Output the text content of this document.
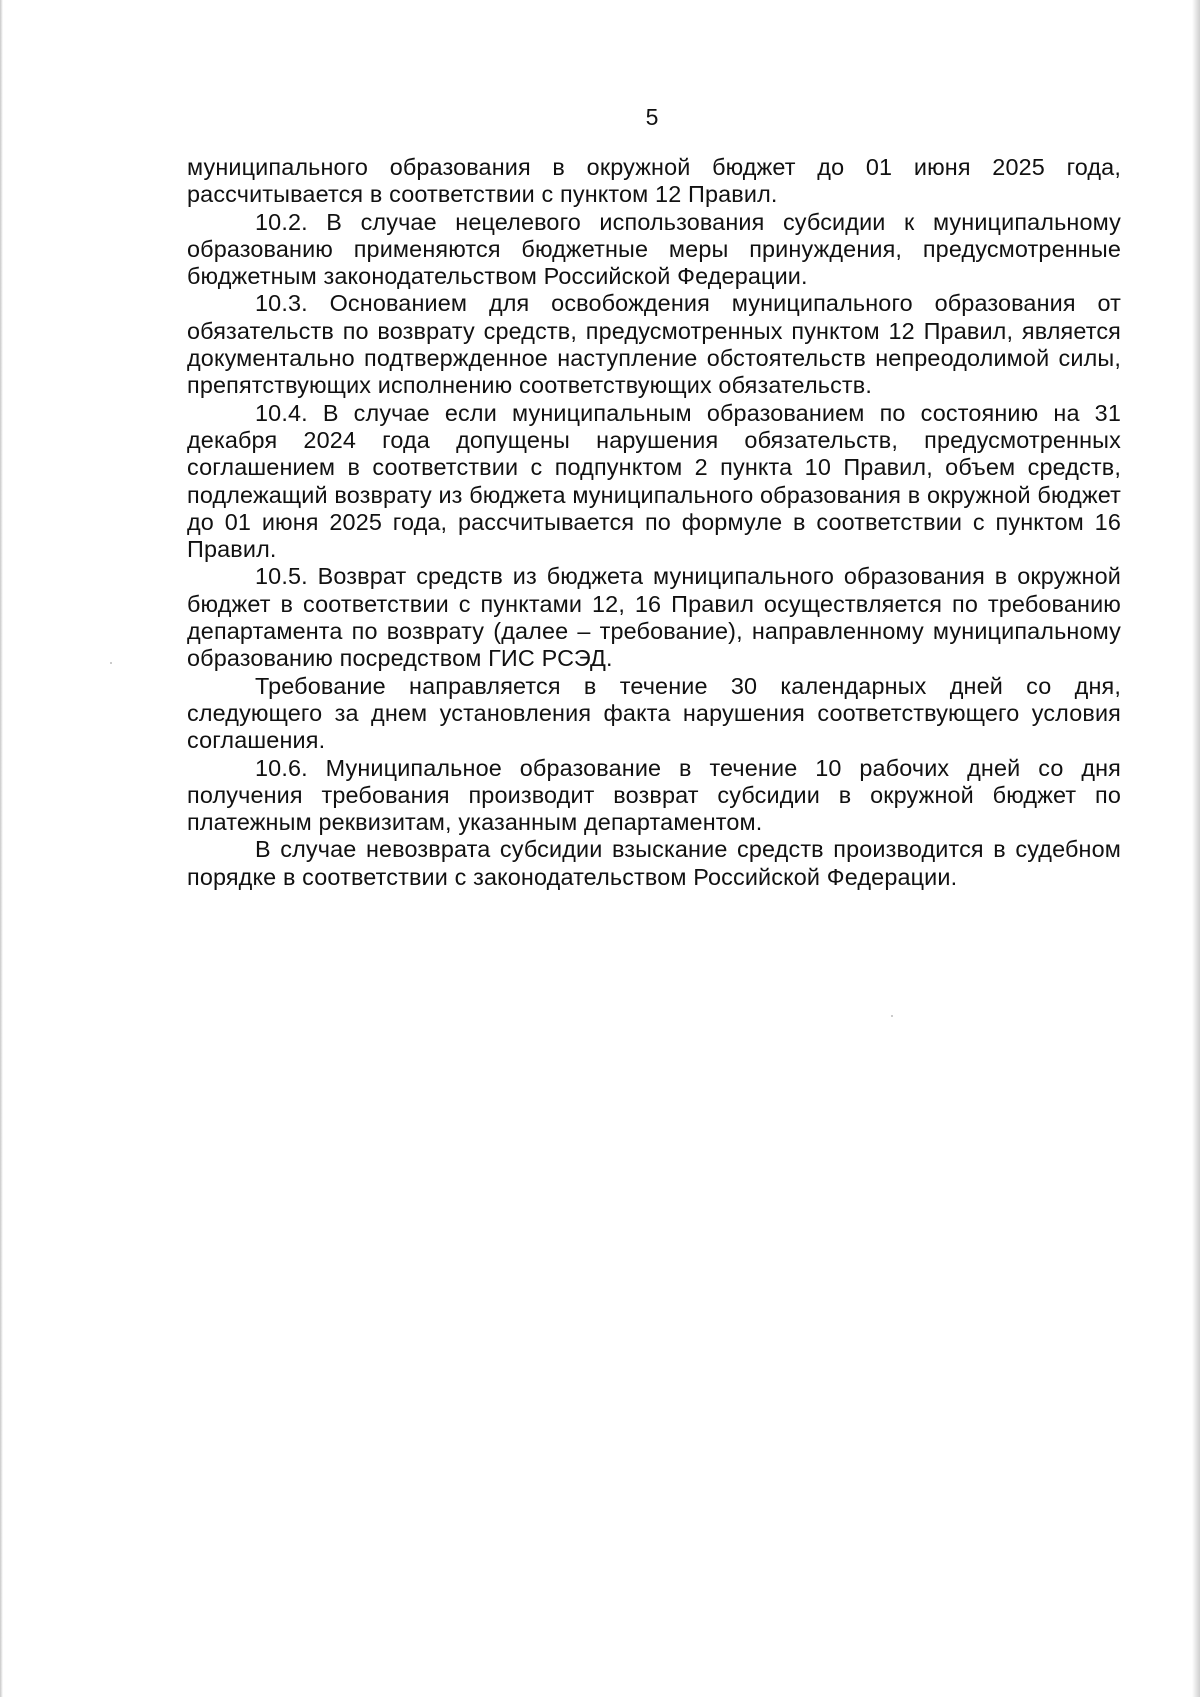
5

муниципального образования в окружной бюджет до 01 июня 2025 года, рассчитывается в соответствии с пунктом 12 Правил.

10.2. В случае нецелевого использования субсидии к муниципальному образованию применяются бюджетные меры принуждения, предусмотренные бюджетным законодательством Российской Федерации.

10.3. Основанием для освобождения муниципального образования от обязательств по возврату средств, предусмотренных пунктом 12 Правил, является документально подтвержденное наступление обстоятельств непреодолимой силы, препятствующих исполнению соответствующих обязательств.

10.4. В случае если муниципальным образованием по состоянию на 31 декабря 2024 года допущены нарушения обязательств, предусмотренных соглашением в соответствии с подпунктом 2 пункта 10 Правил, объем средств, подлежащий возврату из бюджета муниципального образования в окружной бюджет до 01 июня 2025 года, рассчитывается по формуле в соответствии с пунктом 16 Правил.

10.5. Возврат средств из бюджета муниципального образования в окружной бюджет в соответствии с пунктами 12, 16 Правил осуществляется по требованию департамента по возврату (далее – требование), направленному муниципальному образованию посредством ГИС РСЭД.

Требование направляется в течение 30 календарных дней со дня, следующего за днем установления факта нарушения соответствующего условия соглашения.

10.6. Муниципальное образование в течение 10 рабочих дней со дня получения требования производит возврат субсидии в окружной бюджет по платежным реквизитам, указанным департаментом.

В случае невозврата субсидии взыскание средств производится в судебном порядке в соответствии с законодательством Российской Федерации.
